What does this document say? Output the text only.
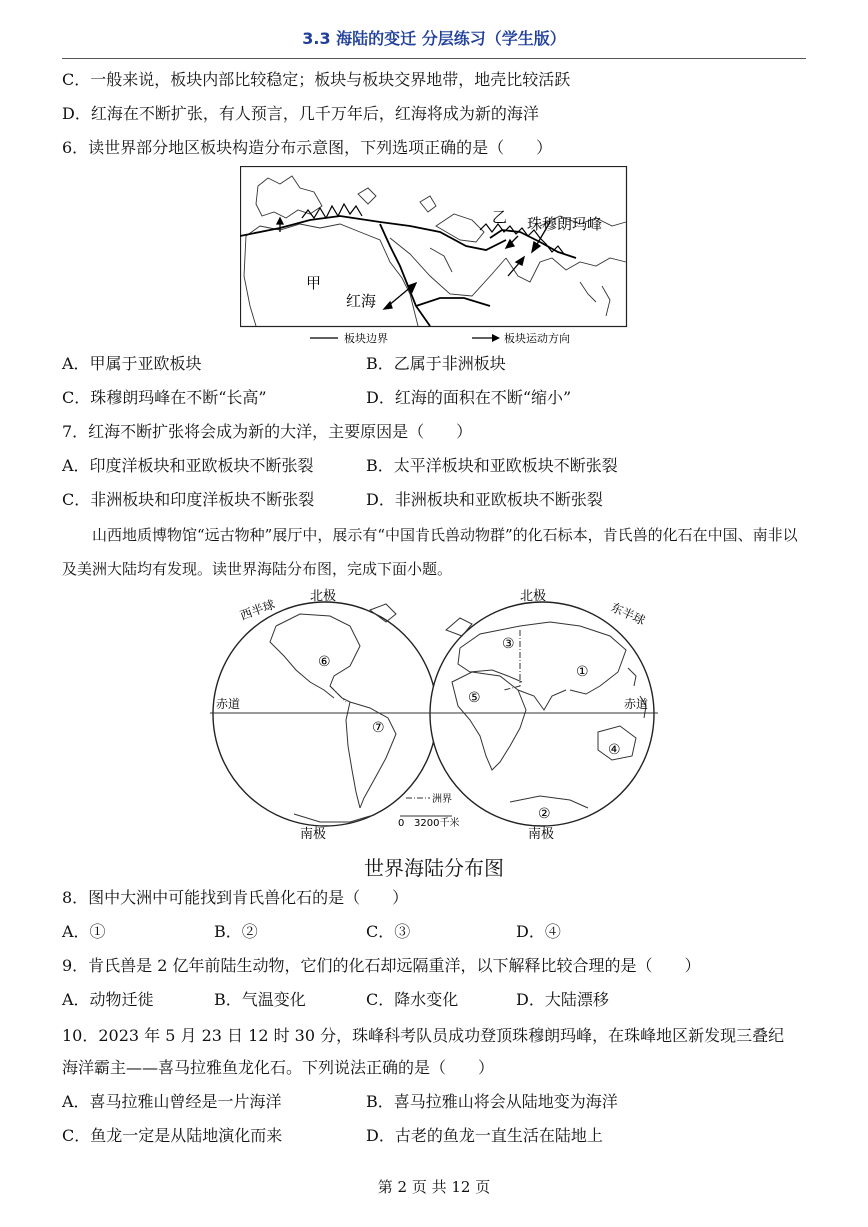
3.3 海陆的变迁 分层练习（学生版）
C．一般来说，板块内部比较稳定；板块与板块交界地带，地壳比较活跃
D．红海在不断扩张，有人预言，几千万年后，红海将成为新的海洋
6．读世界部分地区板块构造分布示意图，下列选项正确的是（　　）
乙 珠穆朗玛峰
甲
红海
板块边界	板块运动方向
A．甲属于亚欧板块	B．乙属于非洲板块
C．珠穆朗玛峰在不断“长高”	D．红海的面积在不断“缩小”
7．红海不断扩张将会成为新的大洋，主要原因是（　　）
A．印度洋板块和亚欧板块不断张裂	B．太平洋板块和亚欧板块不断张裂
C．非洲板块和印度洋板块不断张裂	D．非洲板块和亚欧板块不断张裂
山西地质博物馆“远古物种”展厅中，展示有“中国肯氏兽动物群”的化石标本，肯氏兽的化石在中国、南非以及美洲大陆均有发现。读世界海陆分布图，完成下面小题。
北极
西半球
赤道
南极
北极
东半球
赤道
南极
①
②
③
④
⑤
⑥
⑦
洲界
0 3200千米
世界海陆分布图
8．图中大洲中可能找到肯氏兽化石的是（　　）
A．①	B．②	C．③	D．④
9．肯氏兽是 2 亿年前陆生动物，它们的化石却远隔重洋，以下解释比较合理的是（　　）
A．动物迁徙	B．气温变化	C．降水变化	D．大陆漂移
10．2023 年 5 月 23 日 12 时 30 分，珠峰科考队员成功登顶珠穆朗玛峰，在珠峰地区新发现三叠纪
海洋霸主——喜马拉雅鱼龙化石。下列说法正确的是（　　）
A．喜马拉雅山曾经是一片海洋	B．喜马拉雅山将会从陆地变为海洋
C．鱼龙一定是从陆地演化而来	D．古老的鱼龙一直生活在陆地上
第 2 页 共 12 页
